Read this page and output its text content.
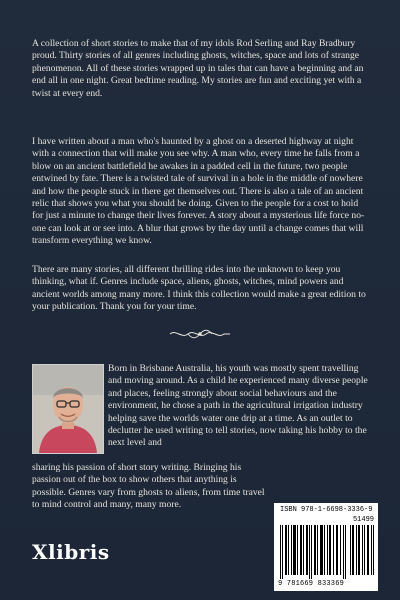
A collection of short stories to make that of my idols Rod Serling and Ray Bradbury proud. Thirty stories of all genres including ghosts, witches, space and lots of strange phenomenon. All of these stories wrapped up in tales that can have a beginning and an end all in one night. Great bedtime reading. My stories are fun and exciting yet with a twist at every end.

I have written about a man who's haunted by a ghost on a deserted highway at night with a connection that will make you see why. A man who, every time he falls from a blow on an ancient battlefield he awakes in a padded cell in the future, two people entwined by fate. There is a twisted tale of survival in a hole in the middle of nowhere and how the people stuck in there get themselves out. There is also a tale of an ancient relic that shows you what you should be doing. Given to the people for a cost to hold for just a minute to change their lives forever. A story about a mysterious life force no-one can look at or see into. A blur that grows by the day until a change comes that will transform everything we know.

There are many stories, all different thrilling rides into the unknown to keep you thinking, what if. Genres include space, aliens, ghosts, witches, mind powers and ancient worlds among many more. I think this collection would make a great edition to your publication. Thank you for your time.

Born in Brisbane Australia, his youth was mostly spent travelling and moving around. As a child he experienced many diverse people and places, feeling strongly about social behaviours and the environment, he chose a path in the agricultural irrigation industry helping save the worlds water one drip at a time. As an outlet to declutter he used writing to tell stories, now taking his hobby to the next level and

sharing his passion of short story writing. Bringing his passion out of the box to show others that anything is possible. Genres vary from ghosts to aliens, from time travel to mind control and many, many more.

Xlibris
ISBN 978-1-6698-3336-9
51499
9 781669 833369
